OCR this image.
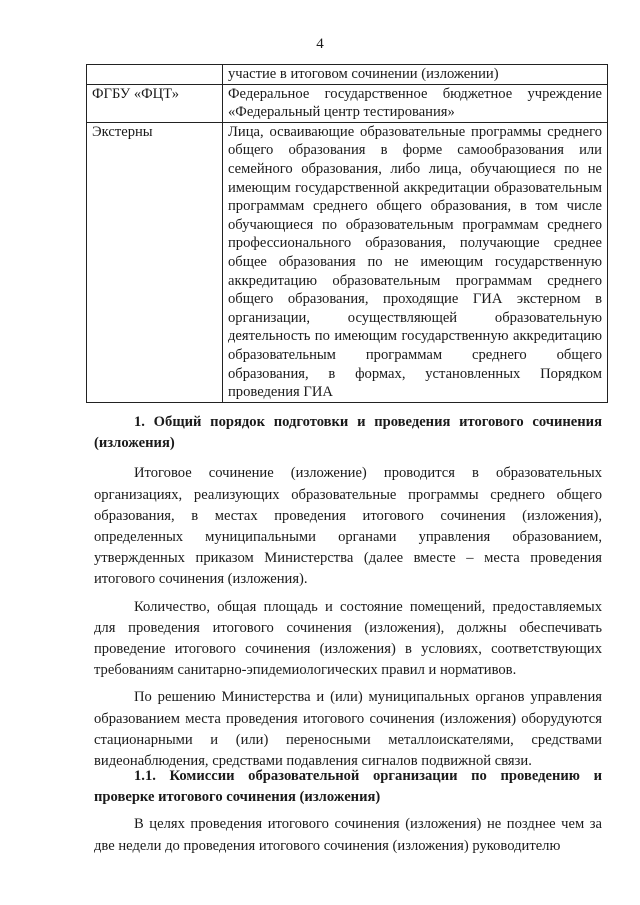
4
	участие в итоговом сочинении (изложении)
ФГБУ «ФЦТ»	Федеральное государственное бюджетное учреждение «Федеральный центр тестирования»
Экстерны	Лица, осваивающие образовательные программы среднего общего образования в форме самообразования или семейного образования, либо лица, обучающиеся по не имеющим государственной аккредитации образовательным программам среднего общего образования, в том числе обучающиеся по образовательным программам среднего профессионального образования, получающие среднее общее образования по не имеющим государственную аккредитацию образовательным программам среднего общего образования, проходящие ГИА экстерном в организации, осуществляющей образовательную деятельность по имеющим государственную аккредитацию образовательным программам среднего общего образования, в формах, установленных Порядком проведения ГИА

1. Общий порядок подготовки и проведения итогового сочинения (изложения)

Итоговое сочинение (изложение) проводится в образовательных организациях, реализующих образовательные программы среднего общего образования, в местах проведения итогового сочинения (изложения), определенных муниципальными органами управления образованием, утвержденных приказом Министерства (далее вместе – места проведения итогового сочинения (изложения).

Количество, общая площадь и состояние помещений, предоставляемых для проведения итогового сочинения (изложения), должны обеспечивать проведение итогового сочинения (изложения) в условиях, соответствующих требованиям санитарно-эпидемиологических правил и нормативов.

По решению Министерства и (или) муниципальных органов управления образованием места проведения итогового сочинения (изложения) оборудуются стационарными и (или) переносными металлоискателями, средствами видеонаблюдения, средствами подавления сигналов подвижной связи.

1.1. Комиссии образовательной организации по проведению и проверке итогового сочинения (изложения)

В целях проведения итогового сочинения (изложения) не позднее чем за две недели до проведения итогового сочинения (изложения) руководителю
